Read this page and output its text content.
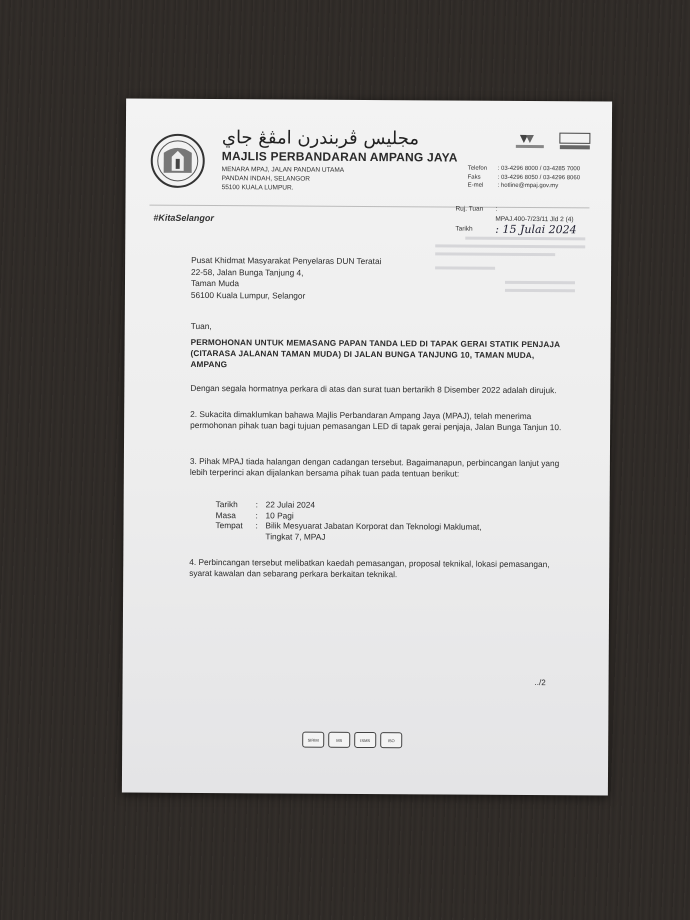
مجليس ڤربندرن امڤڠ جاي
MAJLIS PERBANDARAN AMPANG JAYA
MENARA MPAJ, JALAN PANDAN UTAMA
PANDAN INDAH, SELANGOR
55100 KUALA LUMPUR.
Telefon	: 03-4296 8000 / 03-4285 7000
Faks	: 03-4296 8050 / 03-4296 8060
E-mel	: hotline@mpaj.gov.my
#KitaSelangor
Ruj. Tuan	:
MPAJ.400-7/23/11 Jld 2 (4)
Tarikh	: 15 Julai 2024
Pusat Khidmat Masyarakat Penyelaras DUN Teratai
22-58, Jalan Bunga Tanjung 4,
Taman Muda
56100 Kuala Lumpur, Selangor
Tuan,
PERMOHONAN UNTUK MEMASANG PAPAN TANDA LED DI TAPAK GERAI STATIK PENJAJA (CITARASA JALANAN TAMAN MUDA) DI JALAN BUNGA TANJUNG 10, TAMAN MUDA, AMPANG
Dengan segala hormatnya perkara di atas dan surat tuan bertarikh 8 Disember 2022 adalah dirujuk.
2. Sukacita dimaklumkan bahawa Majlis Perbandaran Ampang Jaya (MPAJ), telah menerima permohonan pihak tuan bagi tujuan pemasangan LED di tapak gerai penjaja, Jalan Bunga Tanjun 10.
3. Pihak MPAJ tiada halangan dengan cadangan tersebut. Bagaimanapun, perbincangan lanjut yang lebih terperinci akan dijalankan bersama pihak tuan pada tentuan berikut:
Tarikh	: 22 Julai 2024
Masa	: 10 Pagi
Tempat	: Bilik Mesyuarat Jabatan Korporat dan Teknologi Maklumat, Tingkat 7, MPAJ
4. Perbincangan tersebut melibatkan kaedah pemasangan, proposal teknikal, lokasi pemasangan, syarat kawalan dan sebarang perkara berkaitan teknikal.
../2
SIRIM	MS	ISMS	ISO
